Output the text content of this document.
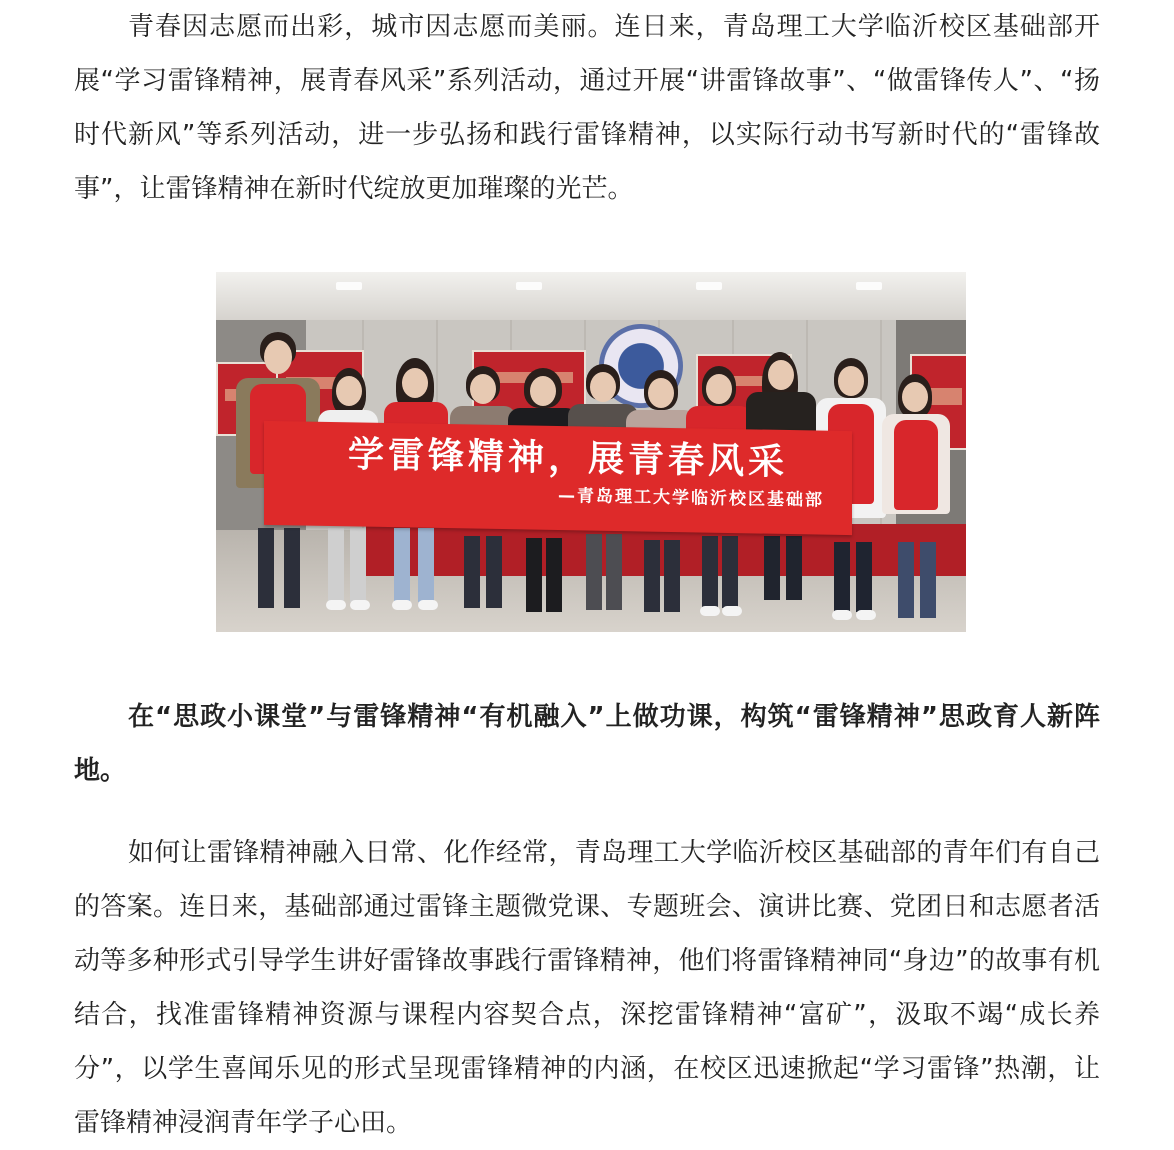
青春因志愿而出彩，城市因志愿而美丽。连日来，青岛理工大学临沂校区基础部开展“学习雷锋精神，展青春风采”系列活动，通过开展“讲雷锋故事”、“做雷锋传人”、“扬时代新风”等系列活动，进一步弘扬和践行雷锋精神，以实际行动书写新时代的“雷锋故事”，让雷锋精神在新时代绽放更加璀璨的光芒。

学雷锋精神，展青春风采
—青岛理工大学临沂校区基础部

在“思政小课堂”与雷锋精神“有机融入”上做功课，构筑“雷锋精神”思政育人新阵地。

如何让雷锋精神融入日常、化作经常，青岛理工大学临沂校区基础部的青年们有自己的答案。连日来，基础部通过雷锋主题微党课、专题班会、演讲比赛、党团日和志愿者活动等多种形式引导学生讲好雷锋故事践行雷锋精神，他们将雷锋精神同“身边”的故事有机结合，找准雷锋精神资源与课程内容契合点，深挖雷锋精神“富矿”，汲取不竭“成长养分”，以学生喜闻乐见的形式呈现雷锋精神的内涵，在校区迅速掀起“学习雷锋”热潮，让雷锋精神浸润青年学子心田。
